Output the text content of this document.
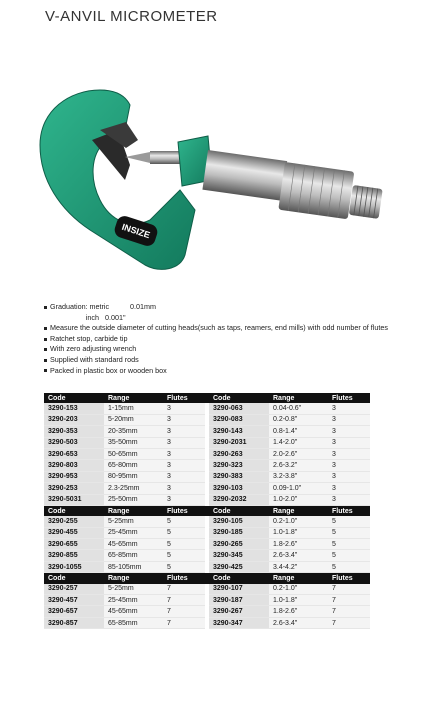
V-ANVIL MICROMETER
INSIZE
Graduation: metric	0.01mm
inch 0.001"
Measure the outside diameter of cutting heads(such as taps, reamers, end mills) with odd number of flutes
Ratchet stop, carbide tip
With zero adjusting wrench
Supplied with standard rods
Packed in plastic box or wooden box
Code	Range	Flutes		Code	Range	Flutes
3290-153	1-15mm	3		3290-063	0.04-0.6"	3
3290-203	5-20mm	3		3290-083	0.2-0.8"	3
3290-353	20-35mm	3		3290-143	0.8-1.4"	3
3290-503	35-50mm	3		3290-2031	1.4-2.0"	3
3290-653	50-65mm	3		3290-263	2.0-2.6"	3
3290-803	65-80mm	3		3290-323	2.6-3.2"	3
3290-953	80-95mm	3		3290-383	3.2-3.8"	3
3290-253	2.3-25mm	3		3290-103	0.09-1.0"	3
3290-5031	25-50mm	3		3290-2032	1.0-2.0"	3
Code	Range	Flutes		Code	Range	Flutes
3290-255	5-25mm	5		3290-105	0.2-1.0"	5
3290-455	25-45mm	5		3290-185	1.0-1.8"	5
3290-655	45-65mm	5		3290-265	1.8-2.6"	5
3290-855	65-85mm	5		3290-345	2.6-3.4"	5
3290-1055	85-105mm	5		3290-425	3.4-4.2"	5
Code	Range	Flutes		Code	Range	Flutes
3290-257	5-25mm	7		3290-107	0.2-1.0"	7
3290-457	25-45mm	7		3290-187	1.0-1.8"	7
3290-657	45-65mm	7		3290-267	1.8-2.6"	7
3290-857	65-85mm	7		3290-347	2.6-3.4"	7
